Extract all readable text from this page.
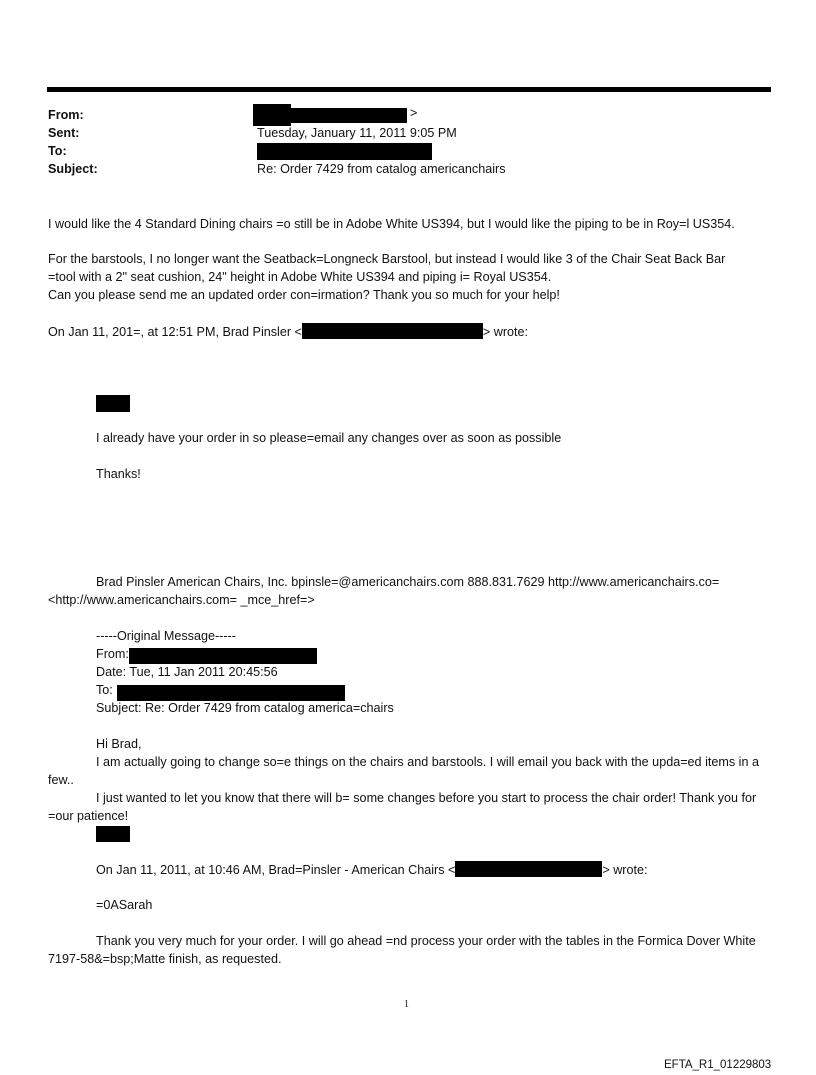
From:	>
Sent:	Tuesday, January 11, 2011 9:05 PM
To:
Subject:	Re: Order 7429 from catalog americanchairs
I would like the 4 Standard Dining chairs =o still be in Adobe White US394, but I would like the piping to be in Roy=l US354.
For the barstools, I no longer want the Seatback=Longneck Barstool, but instead I would like 3 of the Chair Seat Back Bar
=tool with a 2" seat cushion, 24" height in Adobe White US394 and piping i= Royal US354.
Can you please send me an updated order con=irmation? Thank you so much for your help!
On Jan 11, 201=, at 12:51 PM, Brad Pinsler <	> wrote:
I already have your order in so please=email any changes over as soon as possible
Thanks!
Brad Pinsler American Chairs, Inc. bpinsle=@americanchairs.com 888.831.7629 http://www.americanchairs.co= <http://www.americanchairs.com= _mce_href=>
-----Original Message-----
From:
Date: Tue, 11 Jan 2011 20:45:56
To:
Subject: Re: Order 7429 from catalog america=chairs
Hi Brad,
I am actually going to change so=e things on the chairs and barstools. I will email you back with the upda=ed items in a few..
I just wanted to let you know that there will b= some changes before you start to process the chair order! Thank you for =our patience!
On Jan 11, 2011, at 10:46 AM, Brad=Pinsler - American Chairs <	> wrote:
=0ASarah
Thank you very much for your order. I will go ahead =nd process your order with the tables in the Formica Dover White 7197-58&=bsp;Matte finish, as requested.
1
EFTA_R1_01229803
